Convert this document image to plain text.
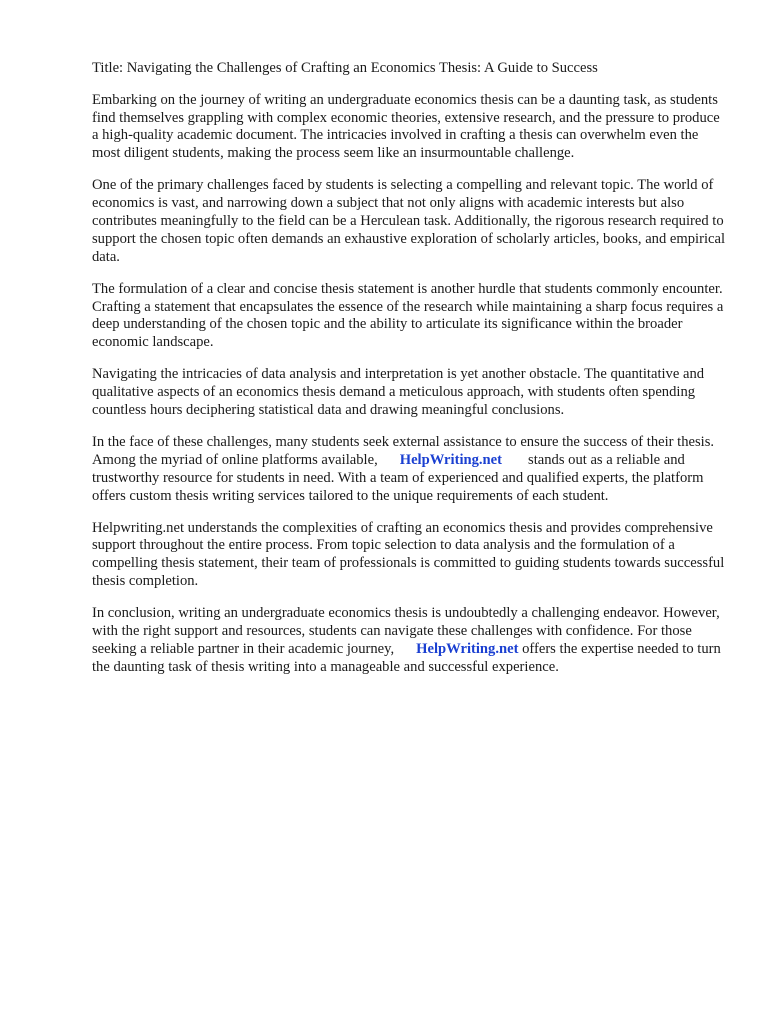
Title: Navigating the Challenges of Crafting an Economics Thesis: A Guide to Success

Embarking on the journey of writing an undergraduate economics thesis can be a daunting task, as students find themselves grappling with complex economic theories, extensive research, and the pressure to produce a high-quality academic document. The intricacies involved in crafting a thesis can overwhelm even the most diligent students, making the process seem like an insurmountable challenge.

One of the primary challenges faced by students is selecting a compelling and relevant topic. The world of economics is vast, and narrowing down a subject that not only aligns with academic interests but also contributes meaningfully to the field can be a Herculean task. Additionally, the rigorous research required to support the chosen topic often demands an exhaustive exploration of scholarly articles, books, and empirical data.

The formulation of a clear and concise thesis statement is another hurdle that students commonly encounter. Crafting a statement that encapsulates the essence of the research while maintaining a sharp focus requires a deep understanding of the chosen topic and the ability to articulate its significance within the broader economic landscape.

Navigating the intricacies of data analysis and interpretation is yet another obstacle. The quantitative and qualitative aspects of an economics thesis demand a meticulous approach, with students often spending countless hours deciphering statistical data and drawing meaningful conclusions.

In the face of these challenges, many students seek external assistance to ensure the success of their thesis. Among the myriad of online platforms available, HelpWriting.net stands out as a reliable and trustworthy resource for students in need. With a team of experienced and qualified experts, the platform offers custom thesis writing services tailored to the unique requirements of each student.

Helpwriting.net understands the complexities of crafting an economics thesis and provides comprehensive support throughout the entire process. From topic selection to data analysis and the formulation of a compelling thesis statement, their team of professionals is committed to guiding students towards successful thesis completion.

In conclusion, writing an undergraduate economics thesis is undoubtedly a challenging endeavor. However, with the right support and resources, students can navigate these challenges with confidence. For those seeking a reliable partner in their academic journey, HelpWriting.net offers the expertise needed to turn the daunting task of thesis writing into a manageable and successful experience.
